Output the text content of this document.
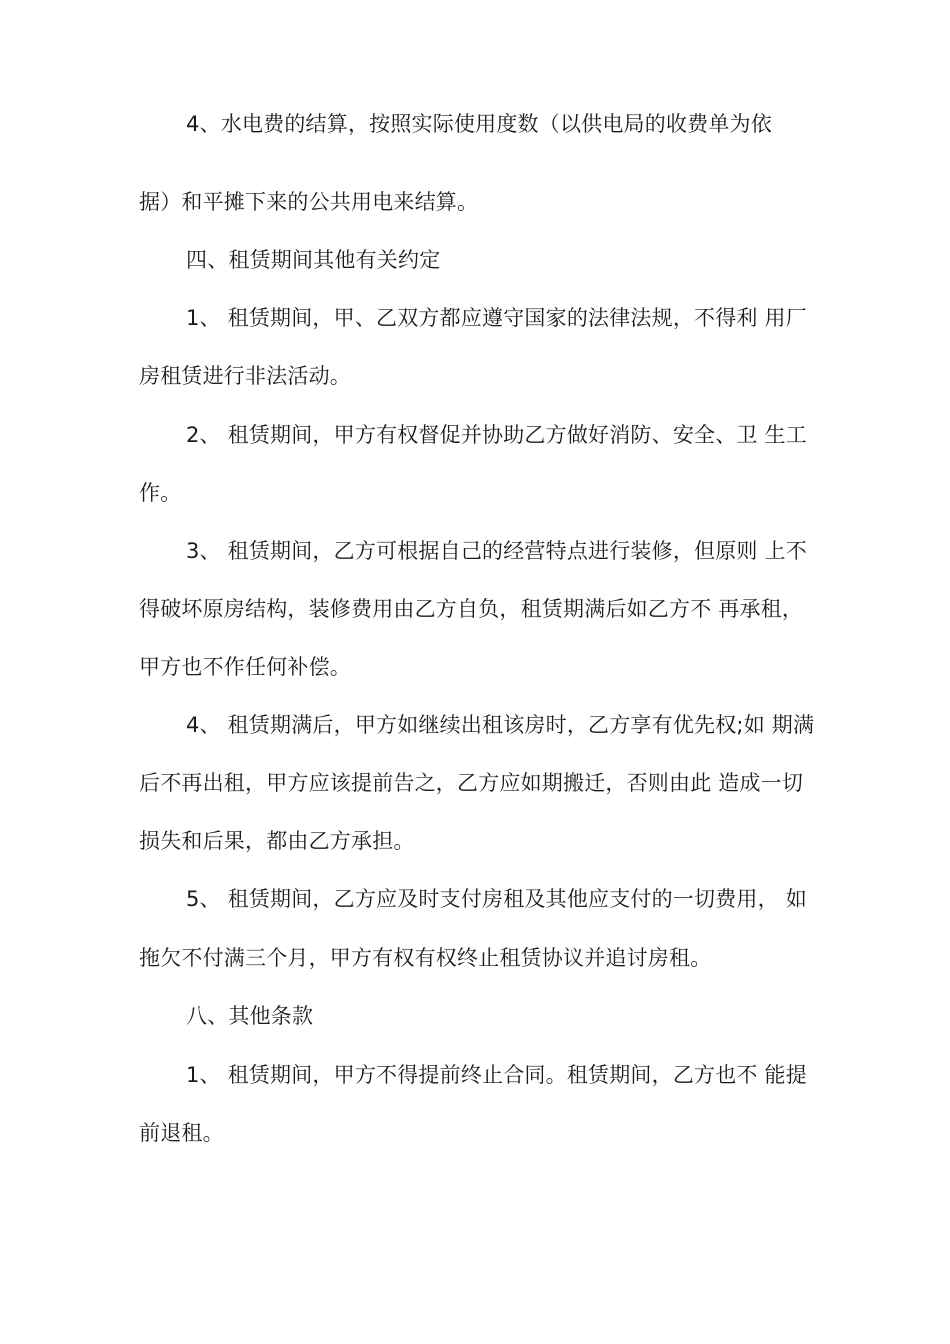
4、水电费的结算，按照实际使用度数（以供电局的收费单为依
据）和平摊下来的公共用电来结算。
四、租赁期间其他有关约定
1、 租赁期间，甲、乙双方都应遵守国家的法律法规，不得利 用厂
房租赁进行非法活动。
2、 租赁期间，甲方有权督促并协助乙方做好消防、安全、卫 生工
作。
3、 租赁期间，乙方可根据自己的经营特点进行装修，但原则 上不
得破坏原房结构，装修费用由乙方自负，租赁期满后如乙方不 再承租，
甲方也不作任何补偿。
4、 租赁期满后，甲方如继续出租该房时，乙方享有优先权;如 期满
后不再出租，甲方应该提前告之，乙方应如期搬迁，否则由此 造成一切
损失和后果，都由乙方承担。
5、 租赁期间，乙方应及时支付房租及其他应支付的一切费用， 如
拖欠不付满三个月，甲方有权有权终止租赁协议并追讨房租。
八、其他条款
1、 租赁期间，甲方不得提前终止合同。租赁期间，乙方也不 能提
前退租。
